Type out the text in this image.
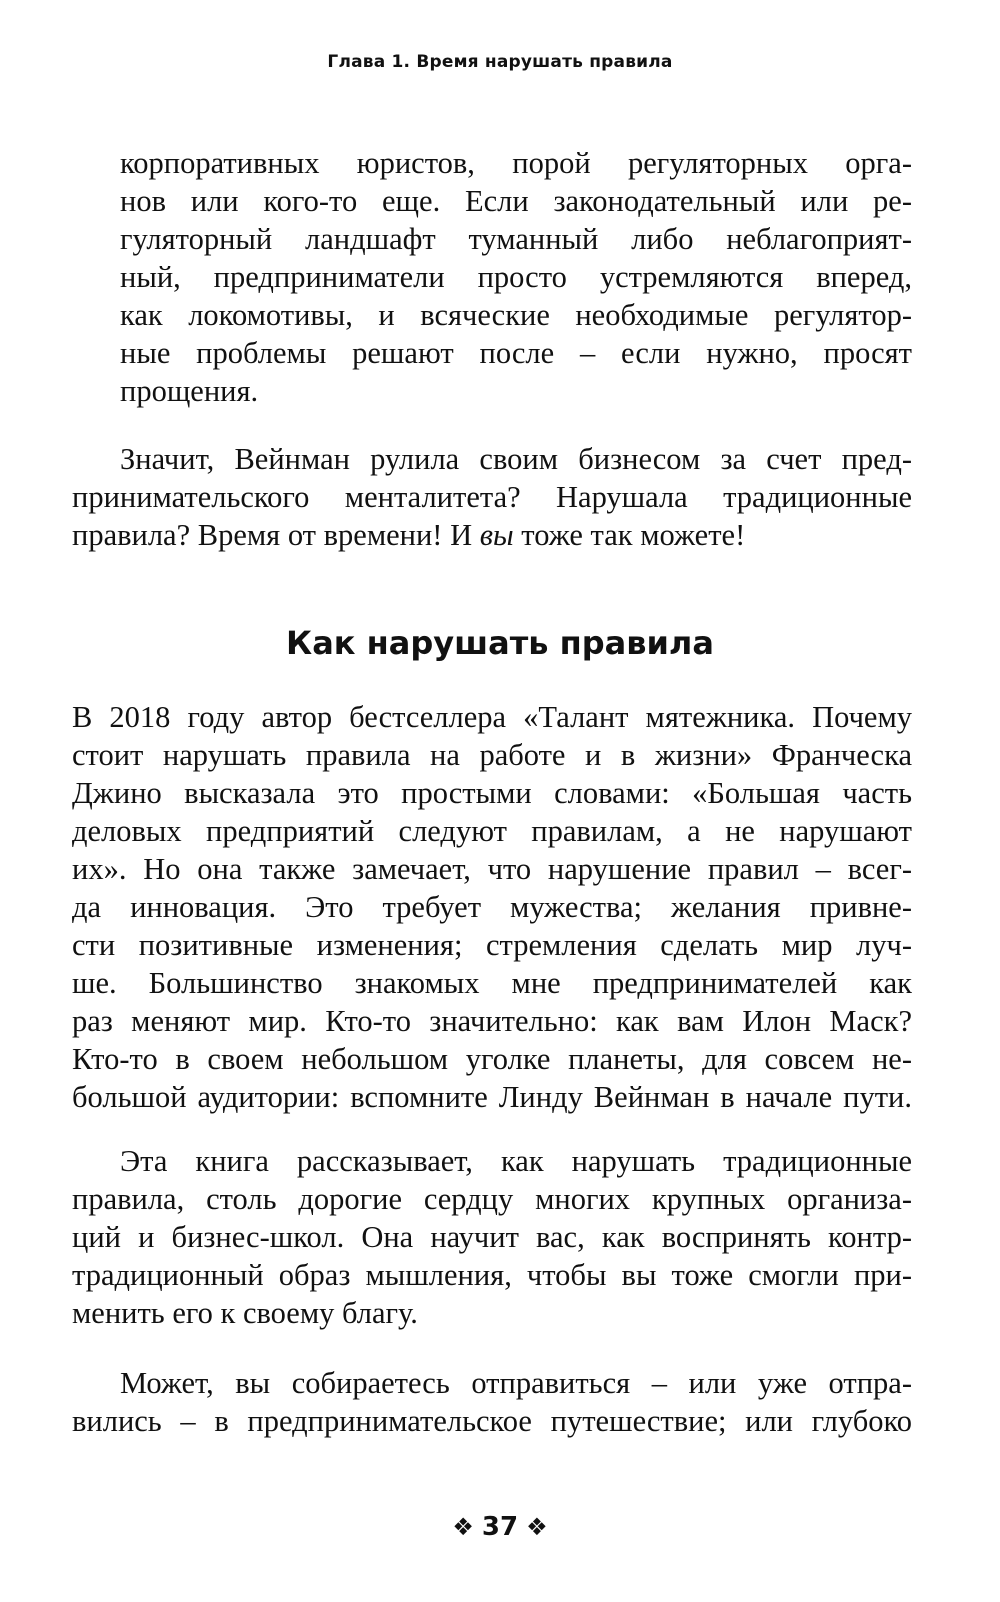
Глава 1. Время нарушать правила
корпоративных юристов, порой регуляторных орга-
нов или кого-то еще. Если законодательный или ре-
гуляторный ландшафт туманный либо неблагоприят-
ный, предприниматели просто устремляются вперед,
как локомотивы, и всяческие необходимые регулятор-
ные проблемы решают после – если нужно, просят
прощения.
Значит, Вейнман рулила своим бизнесом за счет пред-
принимательского менталитета? Нарушала традиционные
правила? Время от времени! И вы тоже так можете!
Как нарушать правила
В 2018 году автор бестселлера «Талант мятежника. Почему
стоит нарушать правила на работе и в жизни» Франческа
Джино высказала это простыми словами: «Большая часть
деловых предприятий следуют правилам, а не нарушают
их». Но она также замечает, что нарушение правил – всег-
да инновация. Это требует мужества; желания привне-
сти позитивные изменения; стремления сделать мир луч-
ше. Большинство знакомых мне предпринимателей как
раз меняют мир. Кто-то значительно: как вам Илон Маск?
Кто-то в своем небольшом уголке планеты, для совсем не-
большой аудитории: вспомните Линду Вейнман в начале пути.
Эта книга рассказывает, как нарушать традиционные
правила, столь дорогие сердцу многих крупных организа-
ций и бизнес-школ. Она научит вас, как воспринять контр-
традиционный образ мышления, чтобы вы тоже смогли при-
менить его к своему благу.
Может, вы собираетесь отправиться – или уже отпра-
вились – в предпринимательское путешествие; или глубоко
❖ 37 ❖
